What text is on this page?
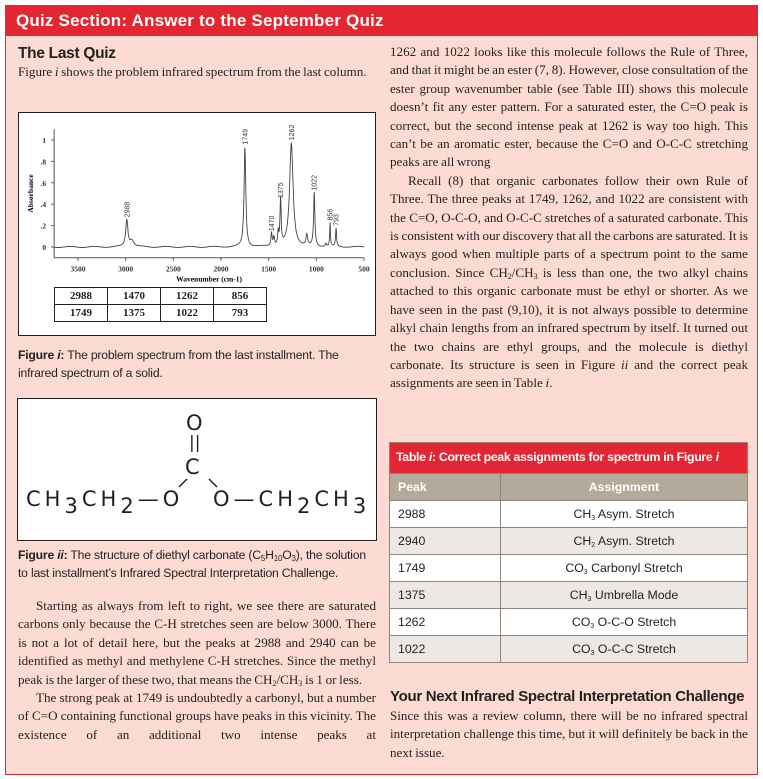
Quiz Section: Answer to the September Quiz
The Last Quiz

Figure i shows the problem infrared spectrum from the last column.

3500	3000	2500	2000	1500	1000	500
0
.2
.4
.6
.8
1
Wavenumber (cm-1)
Absorbance	2988
1749
1470
1375
1262
1022
856 793
2988	1470	1262	856
1749	1375	1022	793
Figure i: The problem spectrum from the last installment. The infrared spectrum of a solid.
O
||
C
$CH_3CH_2—O$ $O—CH_2CH_3$
Figure ii: The structure of diethyl carbonate $(C_5H_{10}O_3)$, the solution to last installment’s Infrared Spectral Interpretation Challenge.

Starting as always from left to right, we see there are saturated carbons only because the C-H stretches seen are below 3000. There is not a lot of detail here, but the peaks at 2988 and 2940 can be identified as methyl and methylene C-H stretches. Since the methyl peak is the larger of these two, that means the $CH_2/CH_3$ is 1 or less.

The strong peak at 1749 is undoubtedly a carbonyl, but a number of C=O containing functional groups have peaks in this vicinity. The existence of an additional two intense peaks at

1262 and 1022 looks like this molecule follows the Rule of Three, and that it might be an ester (7, 8). However, close consultation of the ester group wavenumber table (see Table III) shows this molecule doesn’t fit any ester pattern. For a saturated ester, the C=O peak is correct, but the second intense peak at 1262 is way too high. This can’t be an aromatic ester, because the C=O and O-C-C stretching peaks are all wrong

Recall (8) that organic carbonates follow their own Rule of Three. The three peaks at 1749, 1262, and 1022 are consistent with the C=O, O-C-O, and O-C-C stretches of a saturated carbonate. This is consistent with our discovery that all the carbons are saturated. It is always good when multiple parts of a spectrum point to the same conclusion. Since $CH_2/CH_3$ is less than one, the two alkyl chains attached to this organic carbonate must be ethyl or shorter. As we have seen in the past (9,10), it is not always possible to determine alkyl chain lengths from an infrared spectrum by itself. It turned out the two chains are ethyl groups, and the molecule is diethyl carbonate. Its structure is seen in Figure ii and the correct peak assignments are seen in Table i.

Table i: Correct peak assignments for spectrum in Figure i
Peak	Assignment
2988	$CH_3$ Asym. Stretch
2940	$CH_2$ Asym. Stretch
1749	$CO_3$ Carbonyl Stretch
1375	$CH_3$ Umbrella Mode
1262	$CO_3$ O-C-O Stretch
1022	$CO_3$ O-C-C Stretch
Your Next Infrared Spectral Interpretation Challenge

Since this was a review column, there will be no infrared spectral interpretation challenge this time, but it will definitely be back in the next issue.
